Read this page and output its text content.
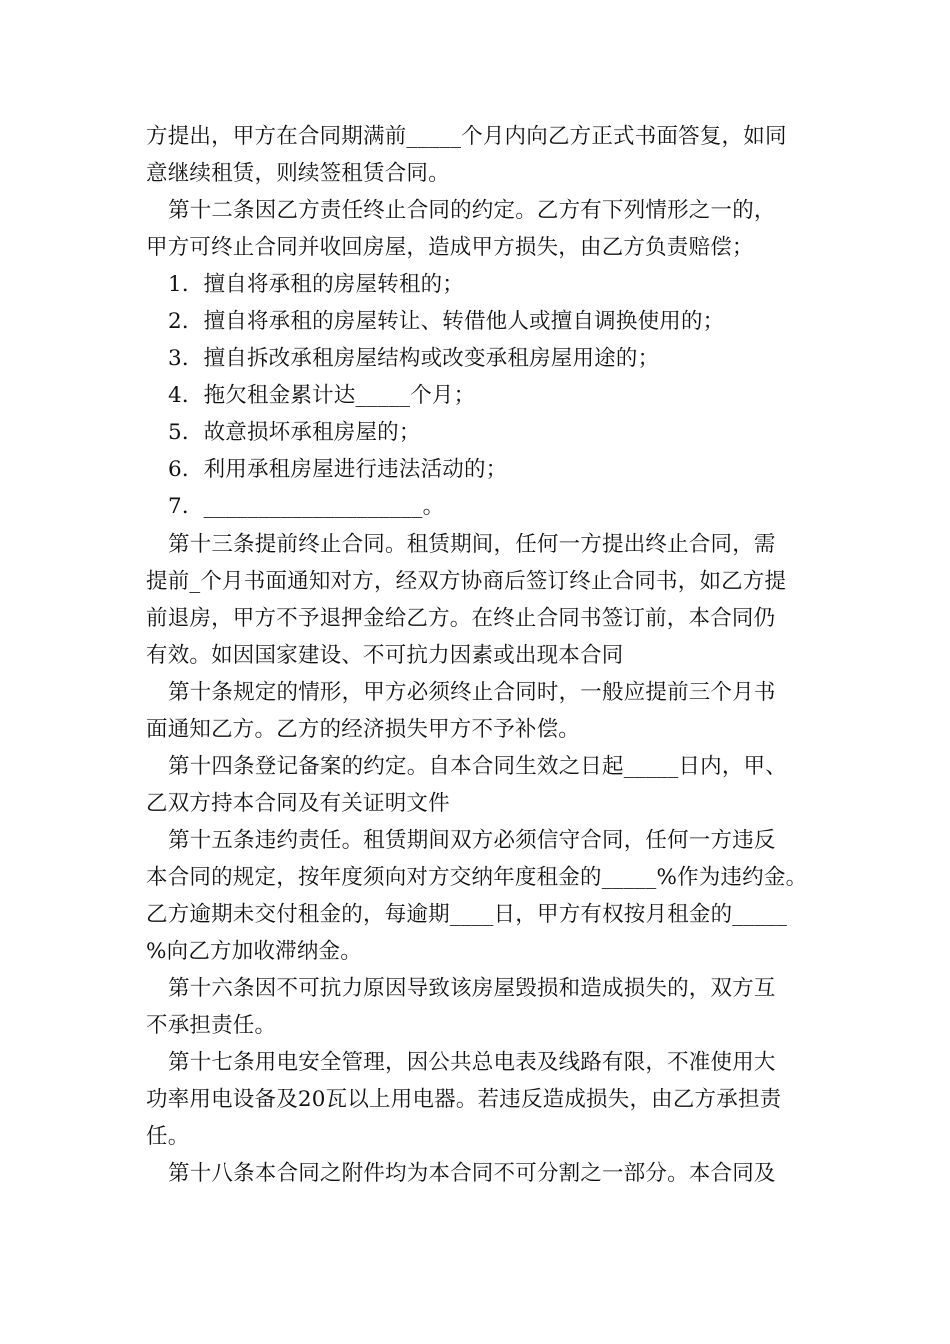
方提出，甲方在合同期满前_____个月内向乙方正式书面答复，如同
意继续租赁，则续签租赁合同。
第十二条因乙方责任终止合同的约定。乙方有下列情形之一的，
甲方可终止合同并收回房屋，造成甲方损失，由乙方负责赔偿；
1．擅自将承租的房屋转租的；
2．擅自将承租的房屋转让、转借他人或擅自调换使用的；
3．擅自拆改承租房屋结构或改变承租房屋用途的；
4．拖欠租金累计达_____个月；
5．故意损坏承租房屋的；
6．利用承租房屋进行违法活动的；
7．____________________。
第十三条提前终止合同。租赁期间，任何一方提出终止合同，需
提前_个月书面通知对方，经双方协商后签订终止合同书，如乙方提
前退房，甲方不予退押金给乙方。在终止合同书签订前，本合同仍
有效。如因国家建设、不可抗力因素或出现本合同
第十条规定的情形，甲方必须终止合同时，一般应提前三个月书
面通知乙方。乙方的经济损失甲方不予补偿。
第十四条登记备案的约定。自本合同生效之日起_____日内，甲、
乙双方持本合同及有关证明文件
第十五条违约责任。租赁期间双方必须信守合同，任何一方违反
本合同的规定，按年度须向对方交纳年度租金的_____%作为违约金。
乙方逾期未交付租金的，每逾期____日，甲方有权按月租金的_____
%向乙方加收滞纳金。
第十六条因不可抗力原因导致该房屋毁损和造成损失的，双方互
不承担责任。
第十七条用电安全管理，因公共总电表及线路有限，不准使用大
功率用电设备及20瓦以上用电器。若违反造成损失，由乙方承担责
任。
第十八条本合同之附件均为本合同不可分割之一部分。本合同及
